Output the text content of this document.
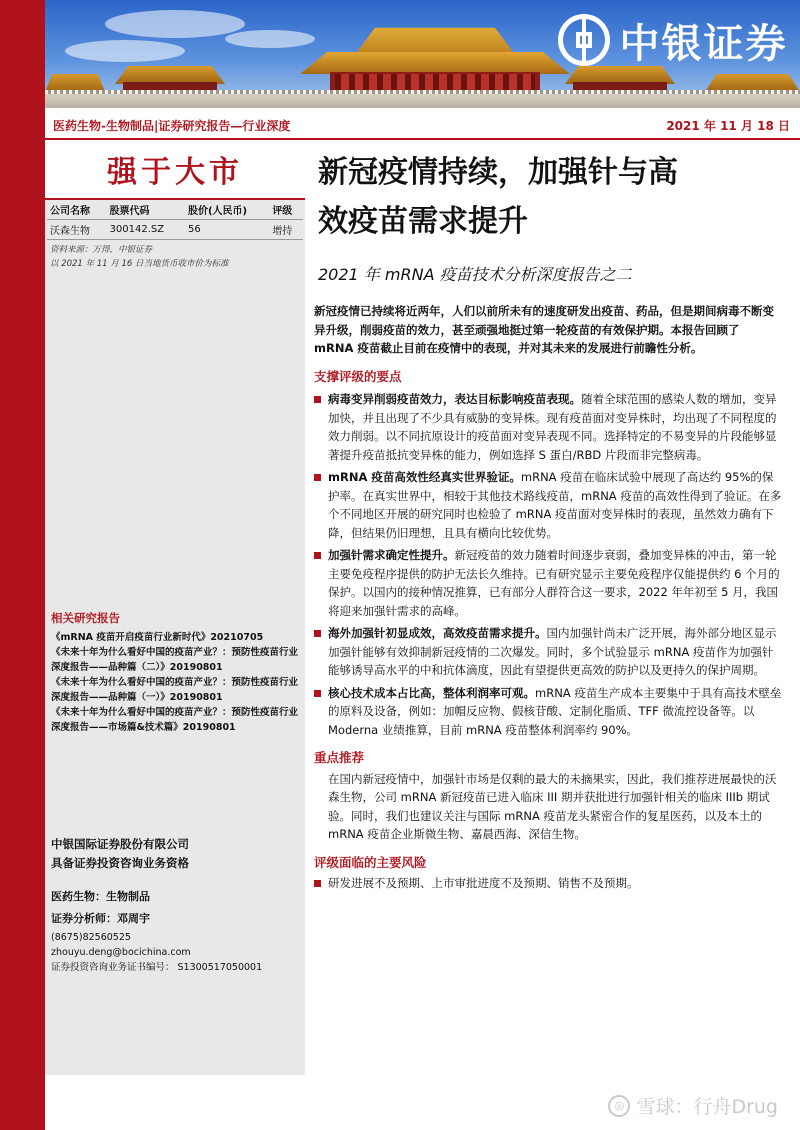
中银证券
医药生物-生物制品|证券研究报告—行业深度	2021 年 11 月 18 日
强于大市
公司名称	股票代码	股价(人民币)	评级
沃森生物	300142.SZ	56	增持
资料来源：万得，中银证券
以 2021 年 11 月 16 日当地货币收市价为标准
相关研究报告
《mRNA 疫苗开启疫苗行业新时代》20210705
《未来十年为什么看好中国的疫苗产业？：预防性疫苗行业深度报告——品种篇（二）》20190801
《未来十年为什么看好中国的疫苗产业？：预防性疫苗行业深度报告——品种篇（一）》20190801
《未来十年为什么看好中国的疫苗产业？：预防性疫苗行业深度报告——市场篇&技术篇》20190801
中银国际证券股份有限公司
具备证券投资咨询业务资格
医药生物：生物制品
证券分析师：邓周宇
(8675)82560525
zhouyu.deng@bocichina.com
证券投资咨询业务证书编号： S1300517050001
新冠疫情持续，加强针与高
效疫苗需求提升
2021 年 mRNA 疫苗技术分析深度报告之二
新冠疫情已持续将近两年，人们以前所未有的速度研发出疫苗、药品，但是期间病毒不断变异升级，削弱疫苗的效力，甚至顽强地挺过第一轮疫苗的有效保护期。本报告回顾了 mRNA 疫苗截止目前在疫情中的表现，并对其未来的发展进行前瞻性分析。
支撑评级的要点
病毒变异削弱疫苗效力，表达目标影响疫苗表现。随着全球范围的感染人数的增加，变异加快，并且出现了不少具有威胁的变异株。现有疫苗面对变异株时，均出现了不同程度的效力削弱。以不同抗原设计的疫苗面对变异表现不同。选择特定的不易变异的片段能够显著提升疫苗抵抗变异株的能力，例如选择 S 蛋白/RBD 片段而非完整病毒。
mRNA 疫苗高效性经真实世界验证。mRNA 疫苗在临床试验中展现了高达约 95%的保护率。在真实世界中，相较于其他技术路线疫苗，mRNA 疫苗的高效性得到了验证。在多个不同地区开展的研究同时也检验了 mRNA 疫苗面对变异株时的表现，虽然效力确有下降，但结果仍旧理想，且具有横向比较优势。
加强针需求确定性提升。新冠疫苗的效力随着时间逐步衰弱，叠加变异株的冲击，第一轮主要免疫程序提供的防护无法长久维持。已有研究显示主要免疫程序仅能提供约 6 个月的保护。以国内的接种情况推算，已有部分人群符合这一要求，2022 年年初至 5 月，我国将迎来加强针需求的高峰。
海外加强针初显成效，高效疫苗需求提升。国内加强针尚未广泛开展，海外部分地区显示加强针能够有效抑制新冠疫情的二次爆发。同时，多个试验显示 mRNA 疫苗作为加强针能够诱导高水平的中和抗体滴度，因此有望提供更高效的防护以及更持久的保护周期。
核心技术成本占比高，整体利润率可观。mRNA 疫苗生产成本主要集中于具有高技术壁垒的原料及设备，例如：加帽反应物、假核苷酸、定制化脂质、TFF 微流控设备等。以 Moderna 业绩推算，目前 mRNA 疫苗整体利润率约 90%。
重点推荐
在国内新冠疫情中，加强针市场是仅剩的最大的未摘果实，因此，我们推荐进展最快的沃森生物，公司 mRNA 新冠疫苗已进入临床 III 期并获批进行加强针相关的临床 IIIb 期试验。同时，我们也建议关注与国际 mRNA 疫苗龙头紧密合作的复星医药，以及本土的 mRNA 疫苗企业斯微生物、嘉晨西海、深信生物。
评级面临的主要风险
研发进展不及预期、上市审批进度不及预期、销售不及预期。
◎ 雪球：行舟Drug
